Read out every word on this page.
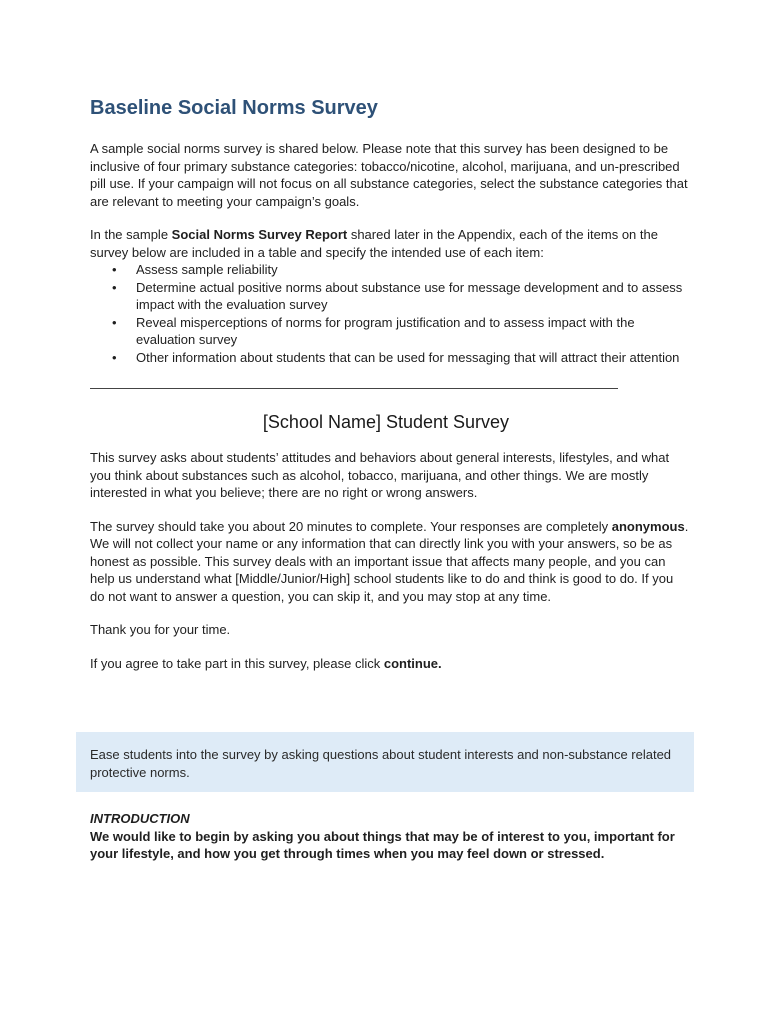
Baseline Social Norms Survey

A sample social norms survey is shared below. Please note that this survey has been designed to be inclusive of four primary substance categories: tobacco/nicotine, alcohol, marijuana, and un-prescribed pill use. If your campaign will not focus on all substance categories, select the substance categories that are relevant to meeting your campaign’s goals.

In the sample Social Norms Survey Report shared later in the Appendix, each of the items on the survey below are included in a table and specify the intended use of each item:

• Assess sample reliability
• Determine actual positive norms about substance use for message development and to assess impact with the evaluation survey
• Reveal misperceptions of norms for program justification and to assess impact with the evaluation survey
• Other information about students that can be used for messaging that will attract their attention
[School Name] Student Survey

This survey asks about students’ attitudes and behaviors about general interests, lifestyles, and what you think about substances such as alcohol, tobacco, marijuana, and other things. We are mostly interested in what you believe; there are no right or wrong answers.

The survey should take you about 20 minutes to complete. Your responses are completely anonymous. We will not collect your name or any information that can directly link you with your answers, so be as honest as possible. This survey deals with an important issue that affects many people, and you can help us understand what [Middle/Junior/High] school students like to do and think is good to do. If you do not want to answer a question, you can skip it, and you may stop at any time.

Thank you for your time.

If you agree to take part in this survey, please click continue.

Ease students into the survey by asking questions about student interests and non-substance related protective norms.

INTRODUCTION

We would like to begin by asking you about things that may be of interest to you, important for your lifestyle, and how you get through times when you may feel down or stressed.
